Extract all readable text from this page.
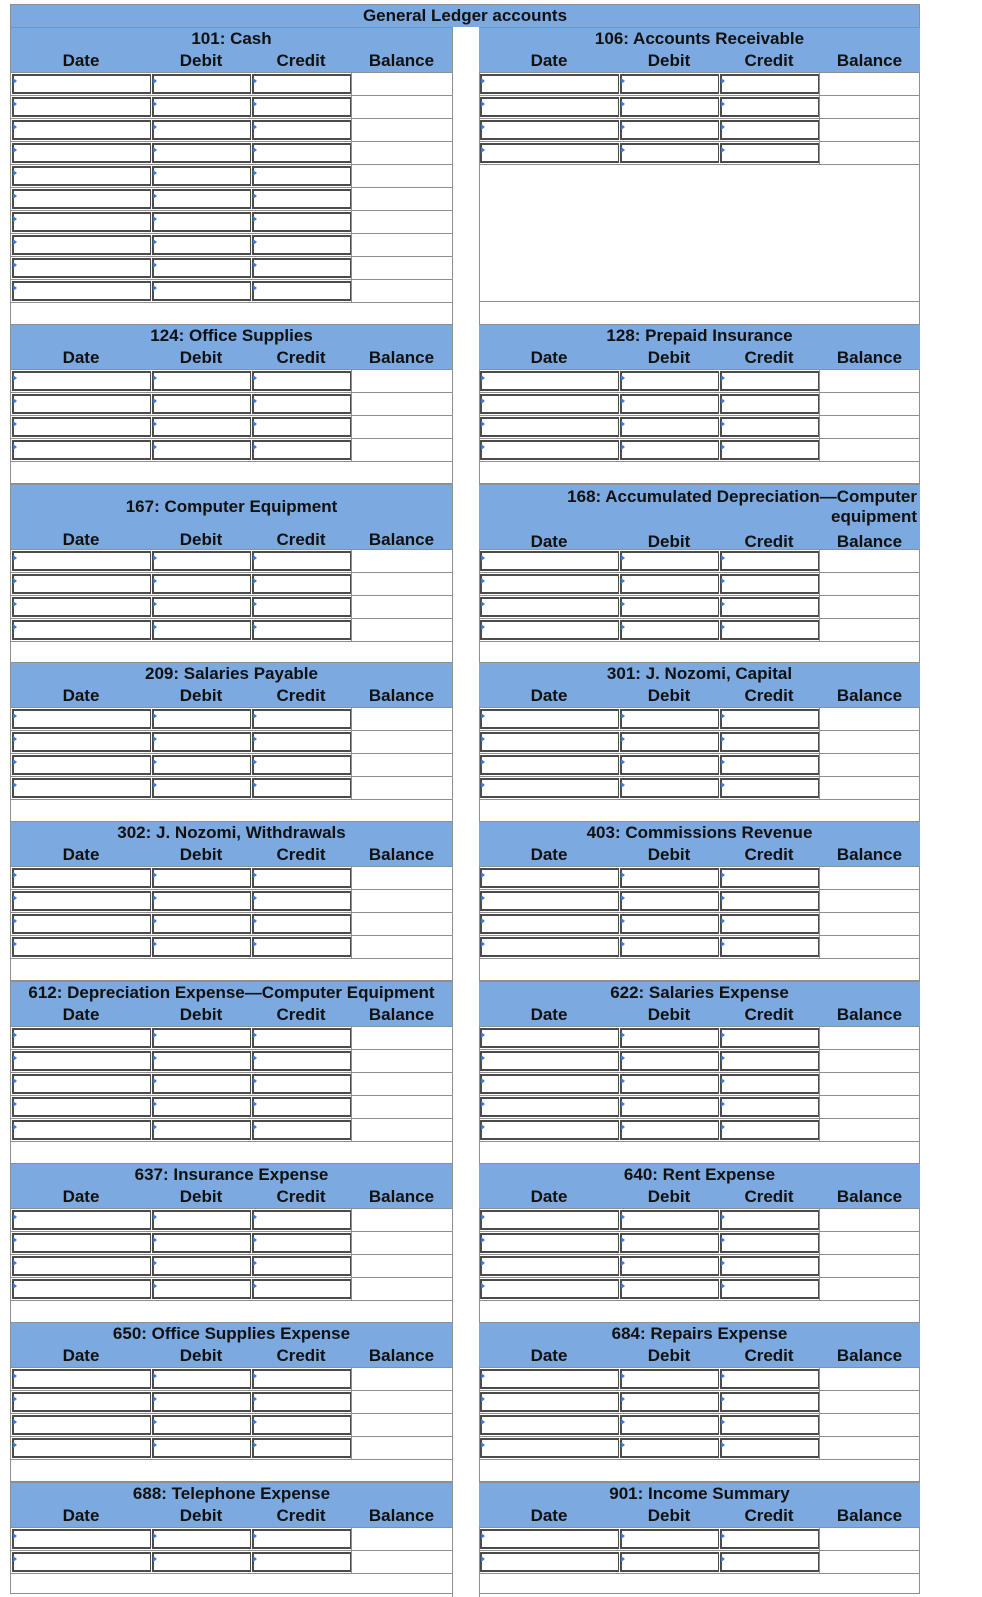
General Ledger accounts
101: Cash
Date	Debit	Credit	Balance
106: Accounts Receivable
Date	Debit	Credit	Balance
124: Office Supplies
Date	Debit	Credit	Balance
128: Prepaid Insurance
Date	Debit	Credit	Balance
167: Computer Equipment
Date	Debit	Credit	Balance
168: Accumulated Depreciation—Computer equipment
Date	Debit	Credit	Balance
209: Salaries Payable
Date	Debit	Credit	Balance
301: J. Nozomi, Capital
Date	Debit	Credit	Balance
302: J. Nozomi, Withdrawals
Date	Debit	Credit	Balance
403: Commissions Revenue
Date	Debit	Credit	Balance
612: Depreciation Expense—Computer Equipment
Date	Debit	Credit	Balance
622: Salaries Expense
Date	Debit	Credit	Balance
637: Insurance Expense
Date	Debit	Credit	Balance
640: Rent Expense
Date	Debit	Credit	Balance
650: Office Supplies Expense
Date	Debit	Credit	Balance
684: Repairs Expense
Date	Debit	Credit	Balance
688: Telephone Expense
Date	Debit	Credit	Balance
901: Income Summary
Date	Debit	Credit	Balance
